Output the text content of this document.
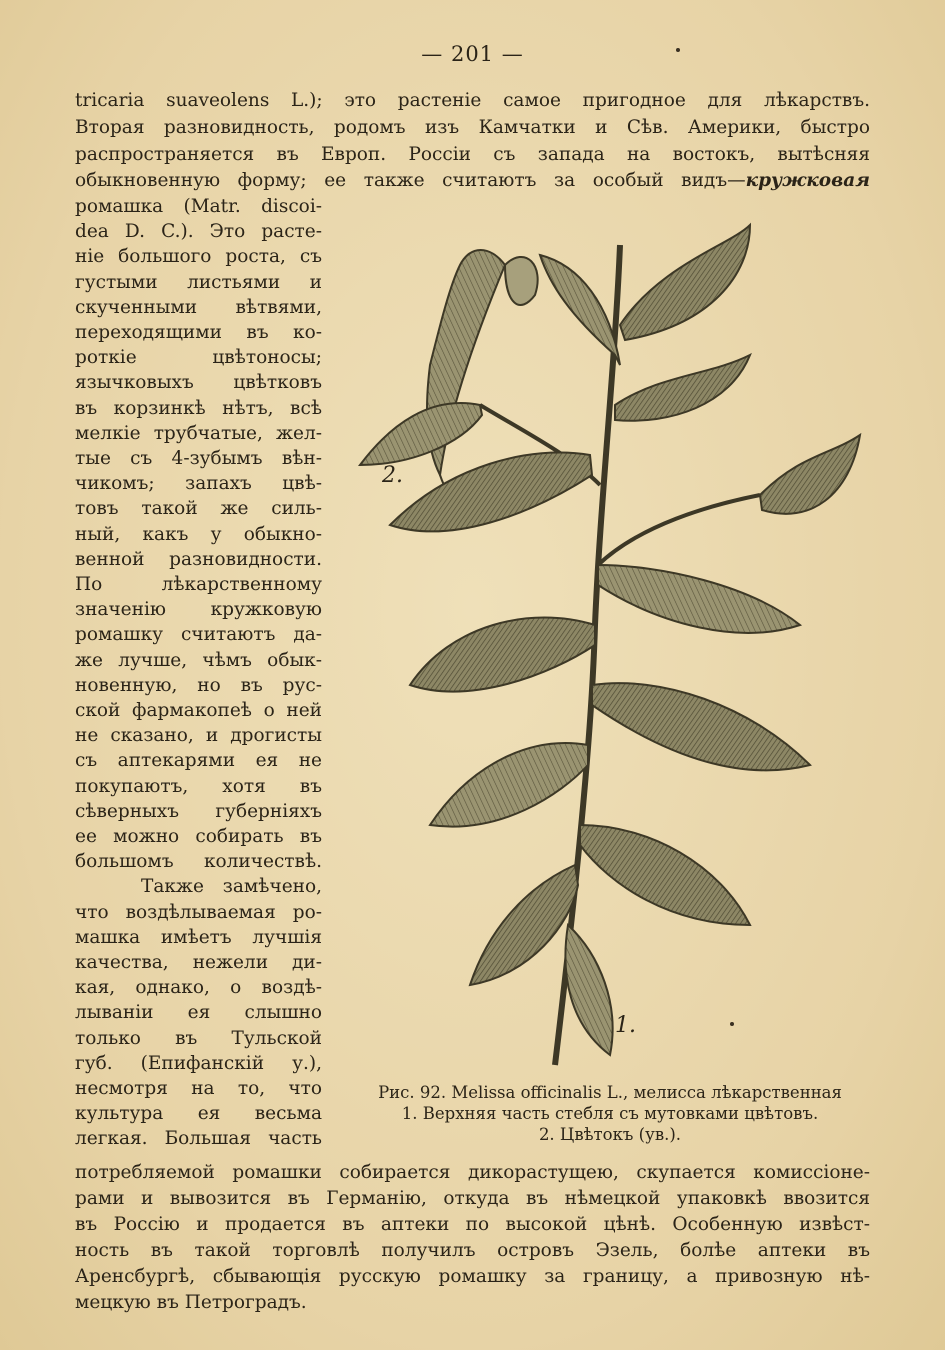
— 201 —
tricaria suaveolens L.); это растеніе самое пригодное для лѣкарствъ.
Вторая разновидность, родомъ изъ Камчатки и Сѣв. Америки, быстро
распространяется въ Европ. Россіи съ запада на востокъ, вытѣсняя
обыкновенную форму; ее также считаютъ за особый видъ—кружковая
ромашка (Matr. discoi-
dea D. C.). Это расте-
ніе большого роста, съ
густыми листьями и
скученными вѣтвями,
переходящими въ ко-
роткіе цвѣтоносы;
язычковыхъ цвѣтковъ
въ корзинкѣ нѣтъ, всѣ
мелкіе трубчатые, жел-
тые съ 4-зубымъ вѣн-
чикомъ; запахъ цвѣ-
товъ такой же силь-
ный, какъ у обыкно-
венной разновидности.
По лѣкарственному
значенію кружковую
ромашку считаютъ да-
же лучше, чѣмъ обык-
новенную, но въ рус-
ской фармакопеѣ о ней
не сказано, и дрогисты
съ аптекарями ея не
покупаютъ, хотя въ
сѣверныхъ губерніяхъ
ее можно собирать въ
большомъ количествѣ.
Также замѣчено,
что воздѣлываемая ро-
машка имѣетъ лучшія
качества, нежели ди-
кая, однако, о воздѣ-
лываніи ея слышно
только въ Тульской
губ. (Епифанскій у.),
несмотря на то, что
культура ея весьма
легкая. Большая часть
2.
1.
Рис. 92. Melissa officinalis L., мелисса лѣкарственная
1. Верхняя часть стебля съ мутовками цвѣтовъ.
2. Цвѣтокъ (ув.).
потребляемой ромашки собирается дикорастущею, скупается комиссіоне-
рами и вывозится въ Германію, откуда въ нѣмецкой упаковкѣ ввозится
въ Россію и продается въ аптеки по высокой цѣнѣ. Особенную извѣст-
ность въ такой торговлѣ получилъ островъ Эзель, болѣе аптеки въ
Аренсбургѣ, сбывающія русскую ромашку за границу, а привозную нѣ-
мецкую въ Петроградъ.
